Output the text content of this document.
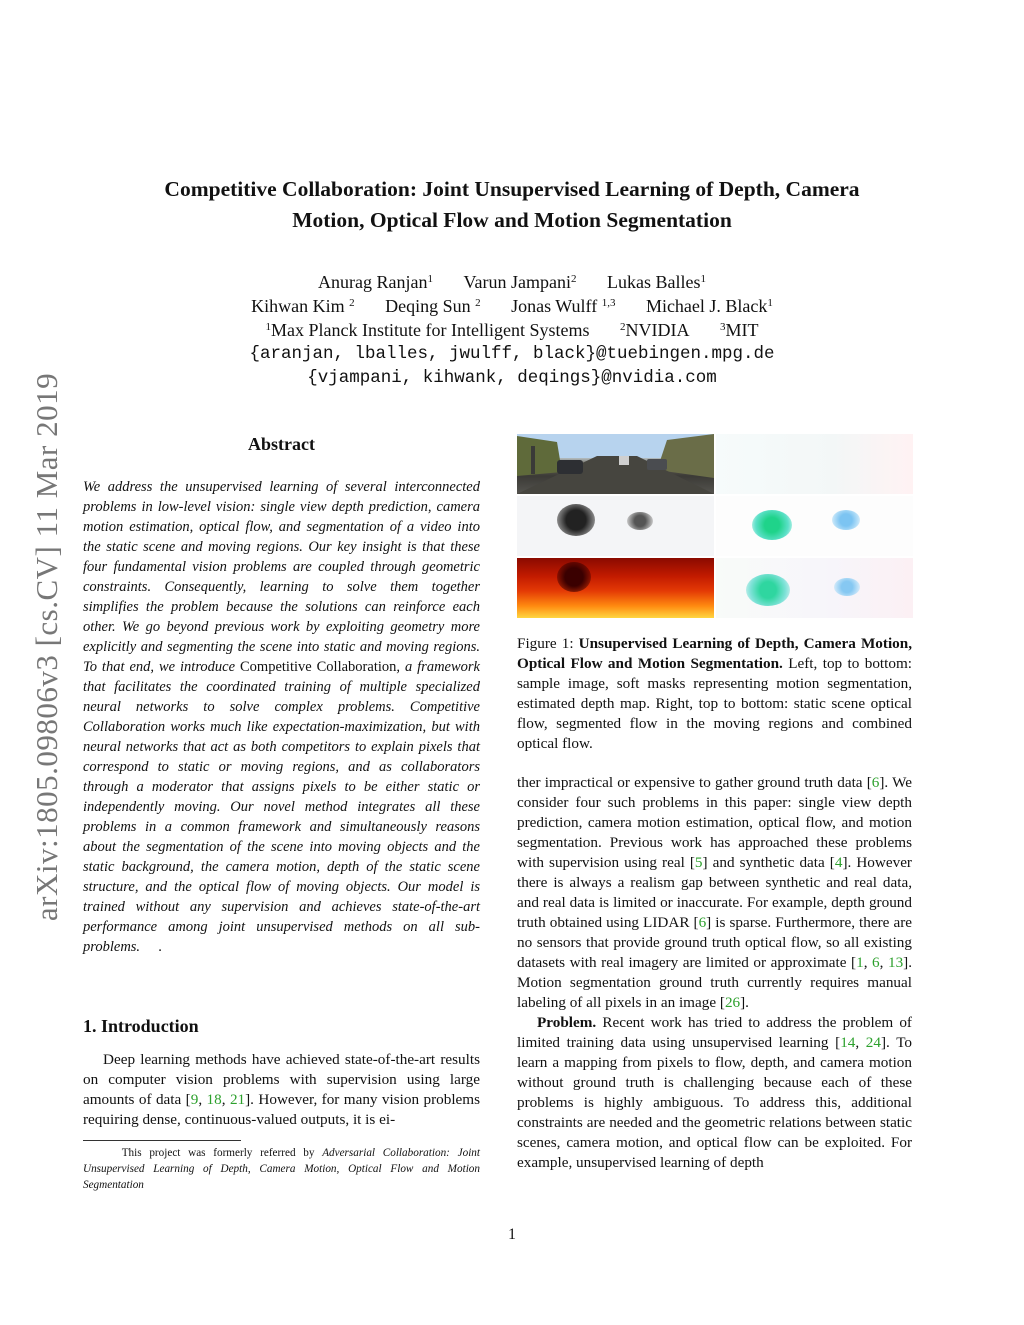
arXiv:1805.09806v3 [cs.CV] 11 Mar 2019
Competitive Collaboration: Joint Unsupervised Learning of Depth, Camera
Motion, Optical Flow and Motion Segmentation
Anurag Ranjan$^1$ Varun Jampani$^2$ Lukas Balles$^1$
Kihwan Kim $^2$ Deqing Sun $^2$ Jonas Wulff $^{1,3}$ Michael J. Black$^1$
$^1$Max Planck Institute for Intelligent Systems	$^2$NVIDIA	$^3$MIT
{aranjan, lballes, jwulff, black}@tuebingen.mpg.de
{vjampani, kihwank, deqings}@nvidia.com
Abstract
We address the unsupervised learning of several interconnected problems in low-level vision: single view depth prediction, camera motion estimation, optical flow, and segmentation of a video into the static scene and moving regions. Our key insight is that these four fundamental vision problems are coupled through geometric constraints. Consequently, learning to solve them together simplifies the problem because the solutions can reinforce each other. We go beyond previous work by exploiting geometry more explicitly and segmenting the scene into static and moving regions. To that end, we introduce Competitive Collaboration, a framework that facilitates the coordinated training of multiple specialized neural networks to solve complex problems. Competitive Collaboration works much like expectation-maximization, but with neural networks that act as both competitors to explain pixels that correspond to static or moving regions, and as collaborators through a moderator that assigns pixels to be either static or independently moving. Our novel method integrates all these problems in a common framework and simultaneously reasons about the segmentation of the scene into moving objects and the static background, the camera motion, depth of the static scene structure, and the optical flow of moving objects. Our model is trained without any supervision and achieves state-of-the-art performance among joint unsupervised methods on all sub-problems. .
1. Introduction

Deep learning methods have achieved state-of-the-art results on computer vision problems with supervision using large amounts of data [9, 18, 21]. However, for many vision problems requiring dense, continuous-valued outputs, it is ei-

This project was formerly referred by Adversarial Collaboration: Joint Unsupervised Learning of Depth, Camera Motion, Optical Flow and Motion Segmentation
Figure 1: Unsupervised Learning of Depth, Camera Motion, Optical Flow and Motion Segmentation. Left, top to bottom: sample image, soft masks representing motion segmentation, estimated depth map. Right, top to bottom: static scene optical flow, segmented flow in the moving regions and combined optical flow.

ther impractical or expensive to gather ground truth data [6]. We consider four such problems in this paper: single view depth prediction, camera motion estimation, optical flow, and motion segmentation. Previous work has approached these problems with supervision using real [5] and synthetic data [4]. However there is always a realism gap between synthetic and real data, and real data is limited or inaccurate. For example, depth ground truth obtained using LIDAR [6] is sparse. Furthermore, there are no sensors that provide ground truth optical flow, so all existing datasets with real imagery are limited or approximate [1, 6, 13]. Motion segmentation ground truth currently requires manual labeling of all pixels in an image [26].

Problem. Recent work has tried to address the problem of limited training data using unsupervised learning [14, 24]. To learn a mapping from pixels to flow, depth, and camera motion without ground truth is challenging because each of these problems is highly ambiguous. To address this, additional constraints are needed and the geometric relations between static scenes, camera motion, and optical flow can be exploited. For example, unsupervised learning of depth

1
